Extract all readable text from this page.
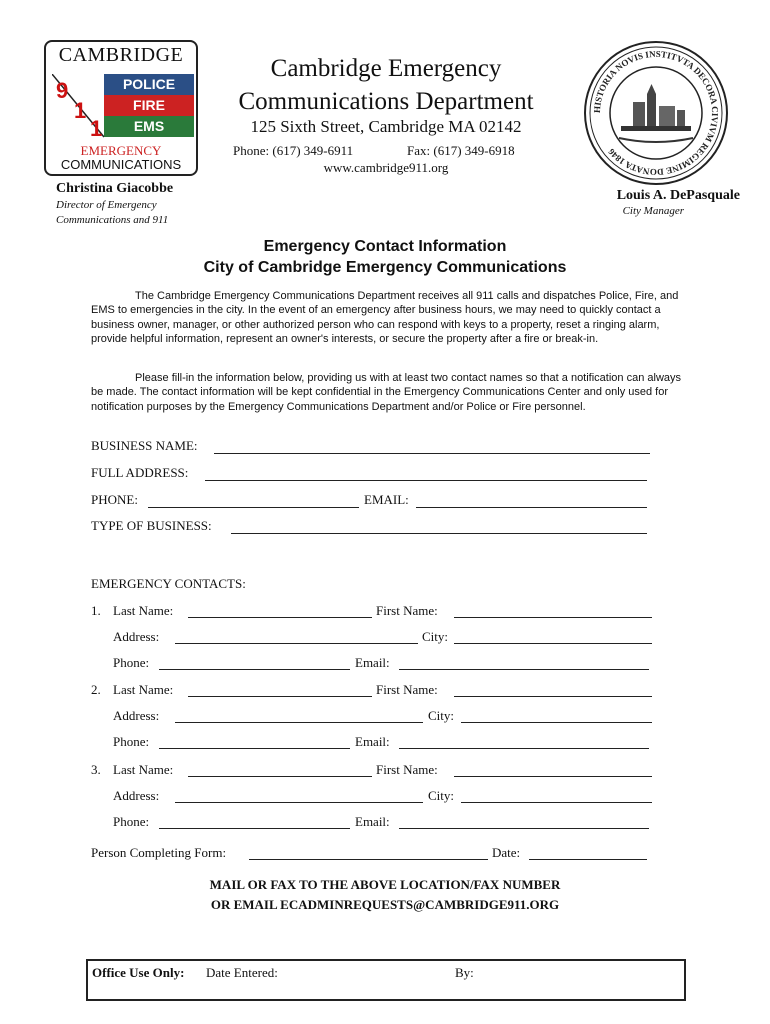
CAMBRIDGE
9
1
1
POLICE
FIRE
EMS
EMERGENCY
COMMUNICATIONS
Cambridge Emergency
Communications Department
125 Sixth Street, Cambridge MA 02142
Phone: (617) 349-6911	Fax: (617) 349-6918
www.cambridge911.org
Christina Giacobbe
Director of Emergency
Communications and 911
Louis A. DePasquale
City Manager
HISTORIA NOVIS INSTITVTA DECORA CIVIVM REGIMINE DONATA 1846
Emergency Contact Information
City of Cambridge Emergency Communications
The Cambridge Emergency Communications Department receives all 911 calls and dispatches Police, Fire, and EMS to emergencies in the city. In the event of an emergency after business hours, we may need to quickly contact a business owner, manager, or other authorized person who can respond with keys to a property, reset a ringing alarm, provide helpful information, represent an owner's interests, or secure the property after a fire or break-in.
Please fill-in the information below, providing us with at least two contact names so that a notification can always be made. The contact information will be kept confidential in the Emergency Communications Center and only used for notification purposes by the Emergency Communications Department and/or Police or Fire personnel.
BUSINESS NAME:
FULL ADDRESS:
PHONE:	EMAIL:
TYPE OF BUSINESS:
EMERGENCY CONTACTS:
1. Last Name:	First Name:
Address:	City:
Phone:	Email:
2. Last Name:	First Name:
Address:	City:
Phone:	Email:
3. Last Name:	First Name:
Address:	City:
Phone:	Email:
Person Completing Form:	Date:
MAIL OR FAX TO THE ABOVE LOCATION/FAX NUMBER
OR EMAIL ECADMINREQUESTS@CAMBRIDGE911.ORG
Office Use Only: Date Entered:	By:
